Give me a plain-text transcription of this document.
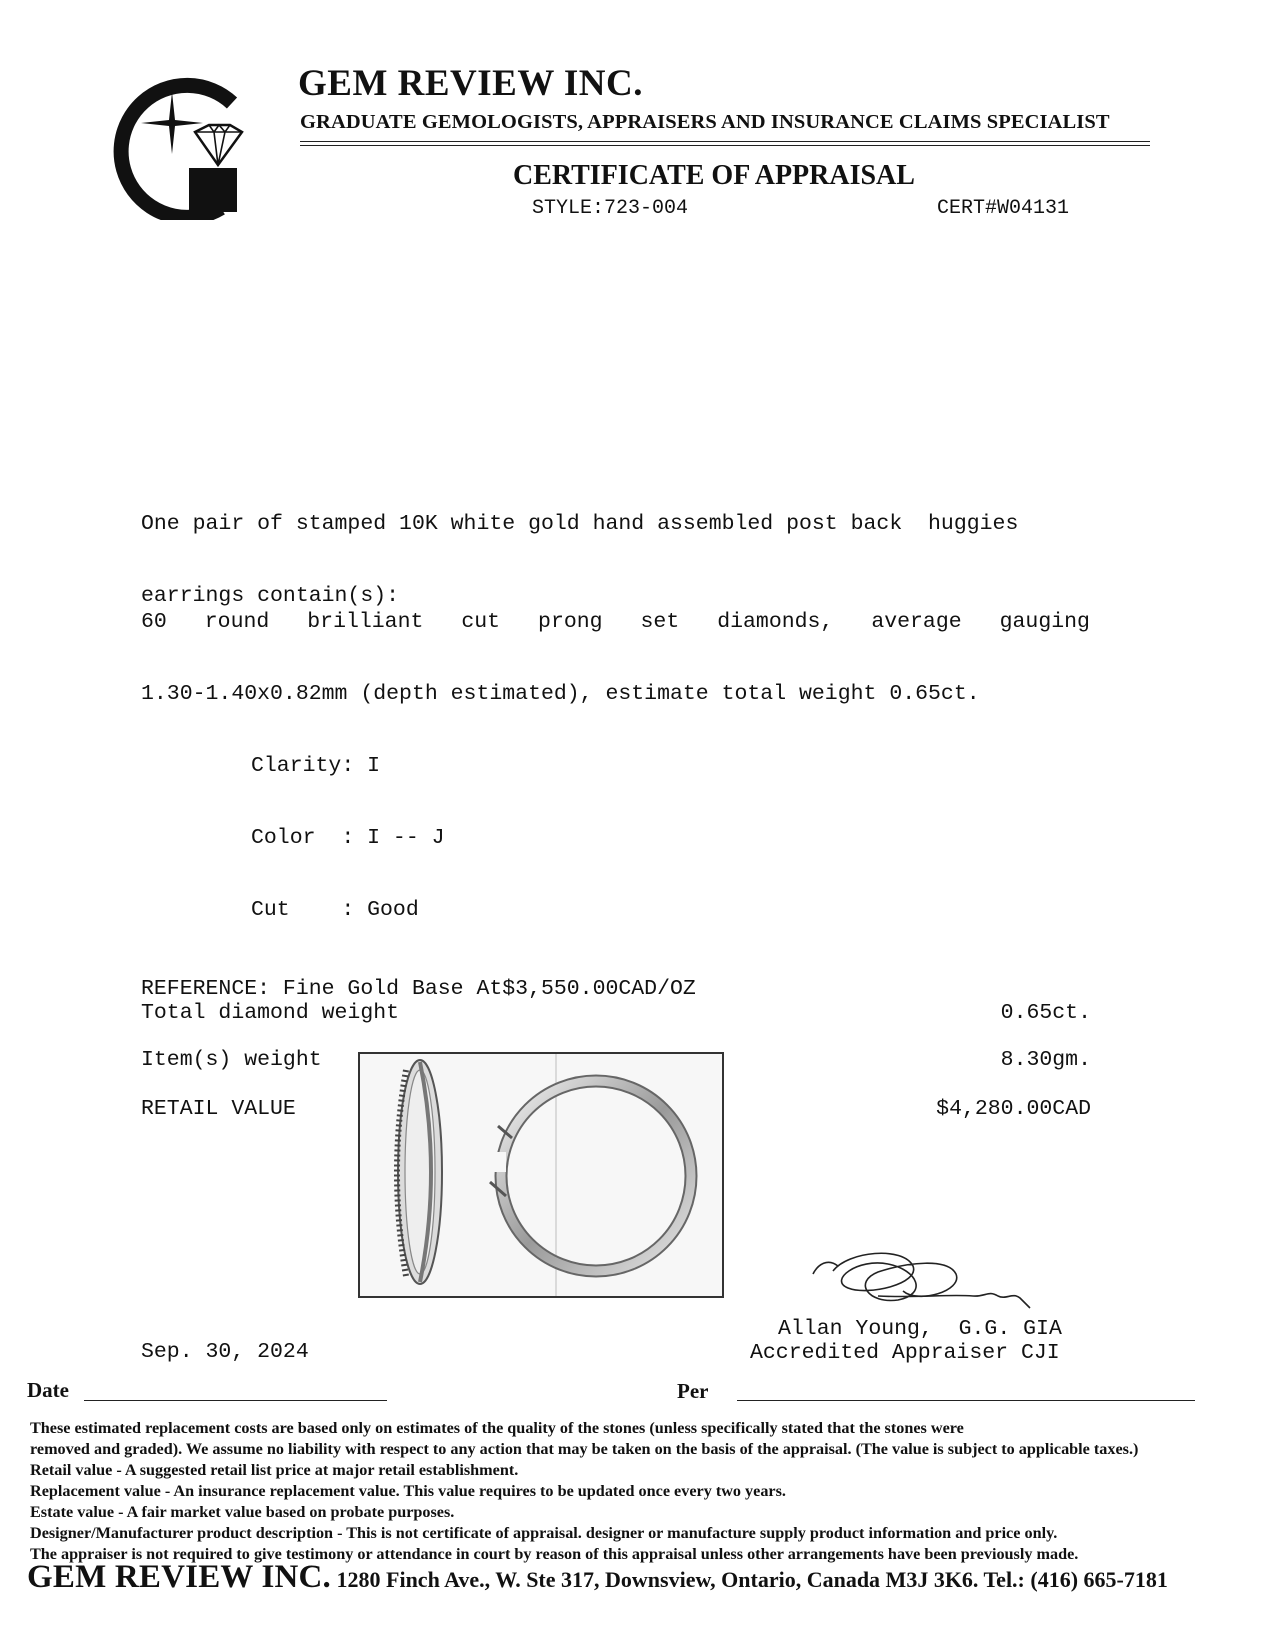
GEM REVIEW INC.
GRADUATE GEMOLOGISTS, APPRAISERS AND INSURANCE CLAIMS SPECIALIST
CERTIFICATE OF APPRAISAL
STYLE:723-004	CERT#W04131

One pair of stamped 10K white gold hand assembled post back  huggies

earrings contain(s):

60 round brilliant cut prong set diamonds, average gauging

1.30-1.40x0.82mm (depth estimated), estimate total weight 0.65ct.

Clarity: I

Color  : I -- J

Cut    : Good

REFERENCE: Fine Gold Base At$3,550.00CAD/OZ
Total diamond weight	0.65ct.
Item(s) weight	8.30gm.
RETAIL VALUE	$4,280.00CAD
Sep. 30, 2024
Allan Young,  G.G. GIA
Accredited Appraiser CJI
Date	Per
These estimated replacement costs are based only on estimates of the quality of the stones (unless specifically stated that the stones were
removed and graded). We assume no liability with respect to any action that may be taken on the basis of the appraisal. (The value is subject to applicable taxes.)
Retail value - A suggested retail list price at major retail establishment.
Replacement value - An insurance replacement value. This value requires to be updated once every two years.
Estate value - A fair market value based on probate purposes.
Designer/Manufacturer product description - This is not certificate of appraisal. designer or manufacture supply product information and price only.
The appraiser is not required to give testimony or attendance in court by reason of this appraisal unless other arrangements have been previously made.
GEM REVIEW INC. 1280 Finch Ave., W. Ste 317, Downsview, Ontario, Canada M3J 3K6. Tel.: (416) 665-7181
